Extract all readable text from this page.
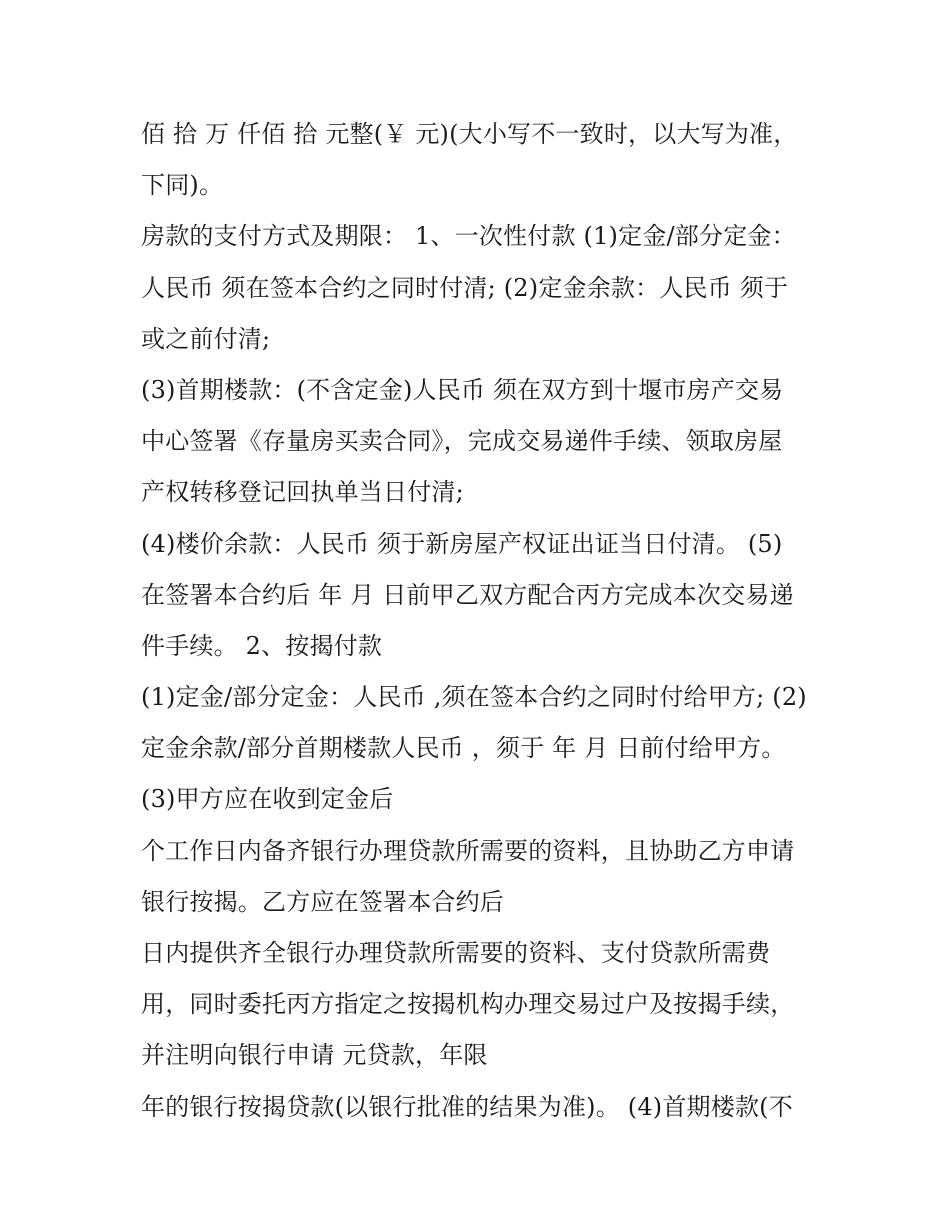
佰 拾 万 仟佰 拾 元整(￥ 元)(大小写不一致时，以大写为准，
下同)。
房款的支付方式及期限： 1、一次性付款 (1)定金/部分定金：
人民币 须在签本合约之同时付清; (2)定金余款：人民币 须于
或之前付清;
(3)首期楼款：(不含定金)人民币 须在双方到十堰市房产交易
中心签署《存量房买卖合同》，完成交易递件手续、领取房屋
产权转移登记回执单当日付清;
(4)楼价余款：人民币 须于新房屋产权证出证当日付清。 (5)
在签署本合约后 年 月 日前甲乙双方配合丙方完成本次交易递
件手续。 2、按揭付款
(1)定金/部分定金：人民币 ,须在签本合约之同时付给甲方; (2)
定金余款/部分首期楼款人民币 ，须于 年 月 日前付给甲方。
(3)甲方应在收到定金后
个工作日内备齐银行办理贷款所需要的资料，且协助乙方申请
银行按揭。乙方应在签署本合约后
日内提供齐全银行办理贷款所需要的资料、支付贷款所需费
用，同时委托丙方指定之按揭机构办理交易过户及按揭手续，
并注明向银行申请 元贷款，年限
年的银行按揭贷款(以银行批准的结果为准)。 (4)首期楼款(不
